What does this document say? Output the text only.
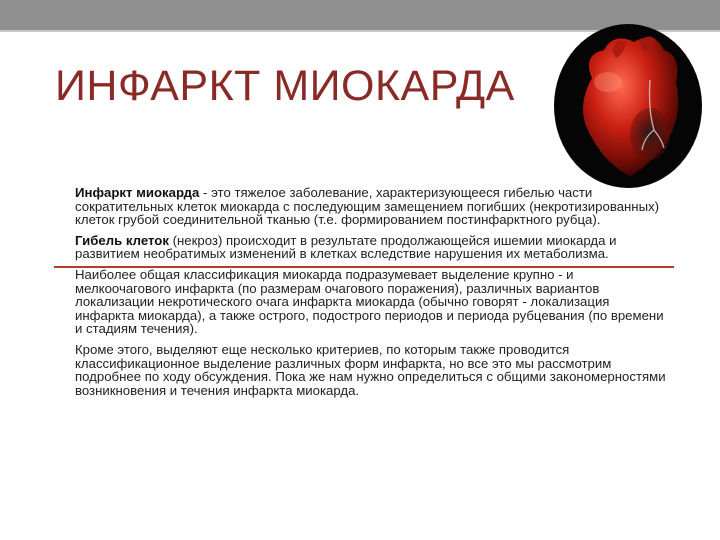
ИНФАРКТ МИОКАРДА

Инфаркт миокарда - это тяжелое заболевание, характеризующееся гибелью части сократительных клеток миокарда с последующим замещением погибших (некротизированных) клеток грубой соединительной тканью (т.е. формированием постинфарктного рубца).

Гибель клеток (некроз) происходит в результате продолжающейся ишемии миокарда и развитием необратимых изменений в клетках вследствие нарушения их метаболизма.

Наиболее общая классификация миокарда подразумевает выделение крупно - и мелкоочагового инфаркта (по размерам очагового поражения), различных вариантов локализации некротического очага инфаркта миокарда (обычно говорят - локализация инфаркта миокарда), а также острого, подострого периодов и периода рубцевания (по времени и стадиям течения).

Кроме этого, выделяют еще несколько критериев, по которым также проводится классификационное выделение различных форм инфаркта, но все это мы рассмотрим подробнее по ходу обсуждения. Пока же нам нужно определиться с общими закономерностями возникновения и течения инфаркта миокарда.
